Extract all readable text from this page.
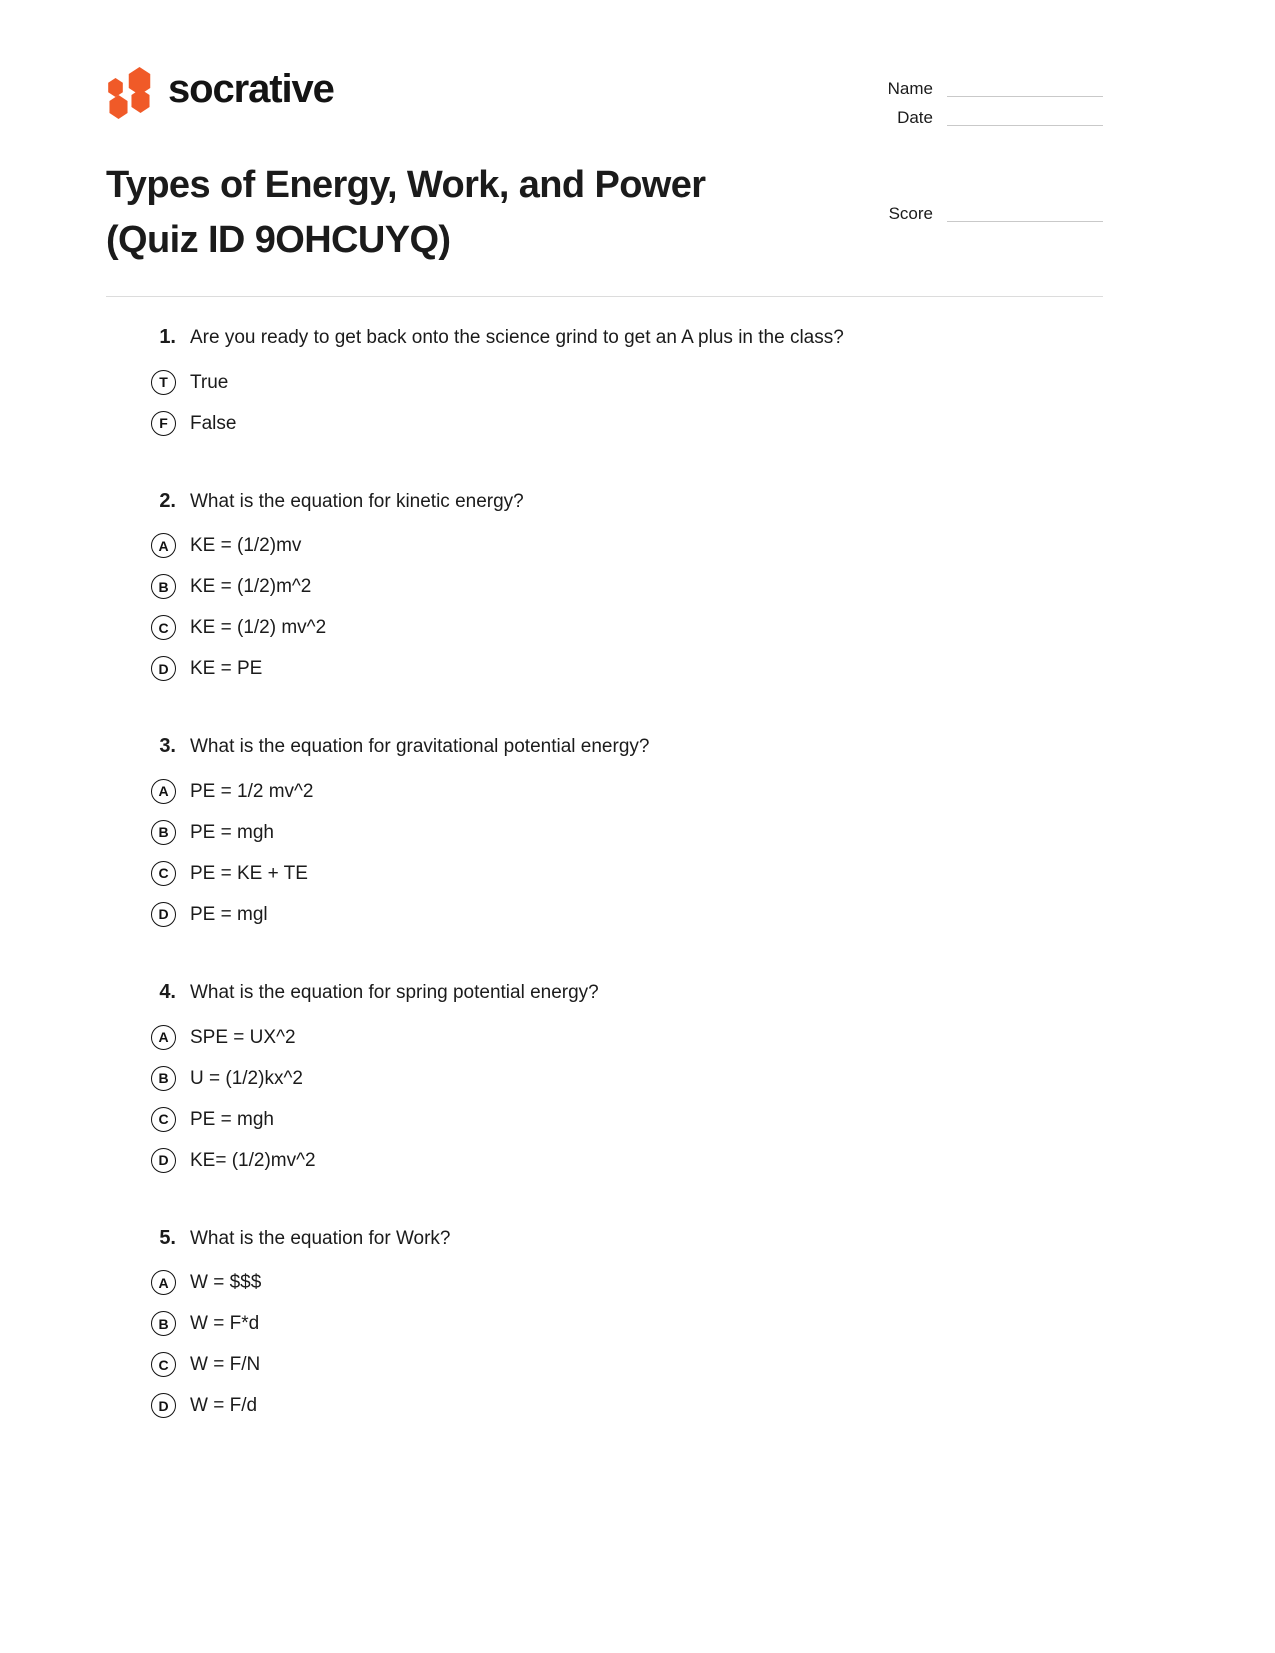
socrative
Types of Energy, Work, and Power (Quiz ID 9OHCUYQ)
Name
Date
Score
1. Are you ready to get back onto the science grind to get an A plus in the class?
T	True
F	False
2. What is the equation for kinetic energy?
A	KE = (1/2)mv
B	KE = (1/2)m^2
C	KE = (1/2) mv^2
D	KE = PE
3. What is the equation for gravitational potential energy?
A	PE = 1/2 mv^2
B	PE = mgh
C	PE = KE + TE
D	PE = mgl
4. What is the equation for spring potential energy?
A	SPE = UX^2
B	U = (1/2)kx^2
C	PE = mgh
D	KE= (1/2)mv^2
5. What is the equation for Work?
A	W = $$$
B	W = F*d
C	W = F/N
D	W = F/d
